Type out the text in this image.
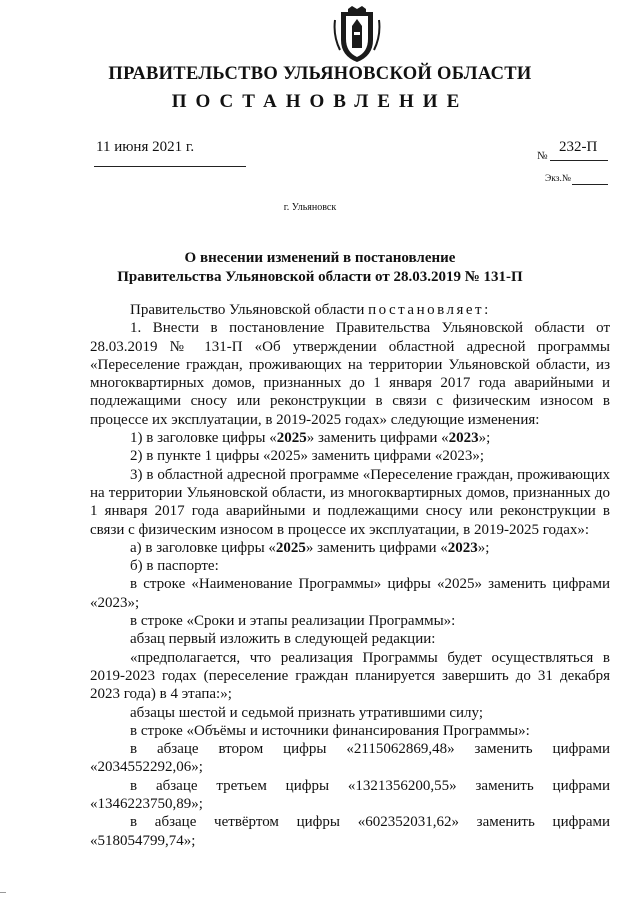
ПРАВИТЕЛЬСТВО УЛЬЯНОВСКОЙ ОБЛАСТИ
ПОСТАНОВЛЕНИЕ
11 июня 2021 г.
№
232-П
Экз.№
г. Ульяновск
О внесении изменений в постановление
Правительства Ульяновской области от 28.03.2019 № 131-П

Правительство Ульяновской области постановляет:

1. Внести в постановление Правительства Ульяновской области от 28.03.2019 № 131-П «Об утверждении областной адресной программы «Переселение граждан, проживающих на территории Ульяновской области, из многоквартирных домов, признанных до 1 января 2017 года аварийными и подлежащими сносу или реконструкции в связи с физическим износом в процессе их эксплуатации, в 2019-2025 годах» следующие изменения:

1) в заголовке цифры «2025» заменить цифрами «2023»;

2) в пункте 1 цифры «2025» заменить цифрами «2023»;

3) в областной адресной программе «Переселение граждан, проживающих на территории Ульяновской области, из многоквартирных домов, признанных до 1 января 2017 года аварийными и подлежащими сносу или реконструкции в связи с физическим износом в процессе их эксплуатации, в 2019-2025 годах»:

а) в заголовке цифры «2025» заменить цифрами «2023»;

б) в паспорте:

в строке «Наименование Программы» цифры «2025» заменить цифрами «2023»;

в строке «Сроки и этапы реализации Программы»:

абзац первый изложить в следующей редакции:

«предполагается, что реализация Программы будет осуществляться в 2019-2023 годах (переселение граждан планируется завершить до 31 декабря 2023 года) в 4 этапа:»;

абзацы шестой и седьмой признать утратившими силу;

в строке «Объёмы и источники финансирования Программы»:

в абзаце втором цифры «2115062869,48» заменить цифрами «2034552292,06»;

в абзаце третьем цифры «1321356200,55» заменить цифрами «1346223750,89»;

в абзаце четвёртом цифры «602352031,62» заменить цифрами «518054799,74»;
